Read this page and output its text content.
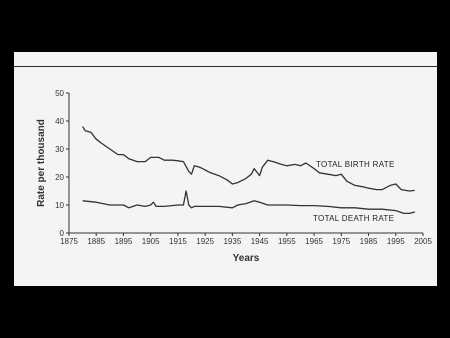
0
10
20
30
40
50
1875 1885 1895 1905 1915 1925 1935 1945 1955 1965 1975 1985 1995 2005
TOTAL BIRTH RATE
TOTAL DEATH RATE
Years
Rate per thousand
